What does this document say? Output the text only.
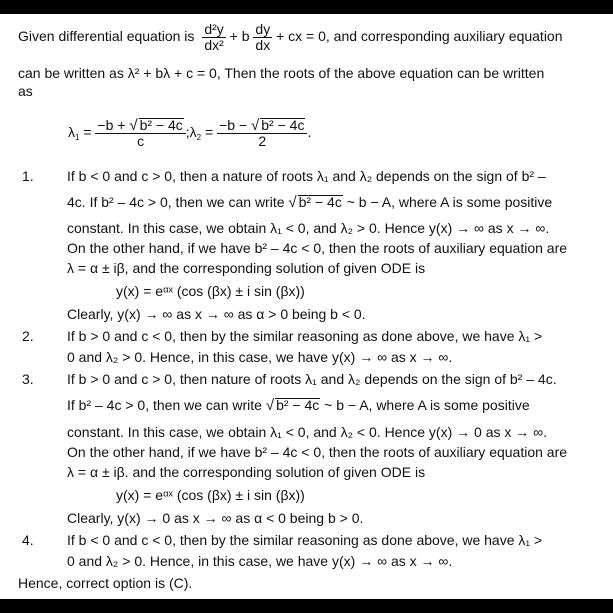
Given differential equation is $\frac{\text{d²y}}{\text{dx²}} + b \frac{dy}{dx}$ + cx = 0, and corresponding auxiliary equation
can be written as λ² + bλ + c = 0, Then the roots of the above equation can be written
as
$\lambda_1 = \frac{\text{−b + √ b² − 4c}}{c}$ $;\lambda_2 = \frac{\text{−b − √ b² − 4c}}{2}$ .
1. If b < 0 and c > 0, then a nature of roots λ₁ and λ₂ depends on the sign of b² –
4c. If b² – 4c > 0, then we can write √ b² − 4c ~ b − A, where A is some positive
constant. In this case, we obtain λ₁ < 0, and λ₂ > 0. Hence y(x) → ∞ as x → ∞.
On the other hand, if we have b² – 4c < 0, then the roots of auxiliary equation are
λ = α ± iβ, and the corresponding solution of given ODE is
y(x) = eᵅˣ (cos (βx) ± i sin (βx))
Clearly, y(x) → ∞ as x → ∞ as α > 0 being b < 0.
2. If b > 0 and c < 0, then by the similar reasoning as done above, we have λ₁ >
0 and λ₂ > 0. Hence, in this case, we have y(x) → ∞ as x → ∞.
3. If b > 0 and c > 0, then nature of roots λ₁ and λ₂ depends on the sign of b² – 4c.
If b² – 4c > 0, then we can write √ b² − 4c ~ b − A, where A is some positive
constant. In this case, we obtain λ₁ < 0, and λ₂ < 0. Hence y(x) → 0 as x → ∞.
On the other hand, if we have b² – 4c < 0, then the roots of auxiliary equation are
λ = α ± iβ. and the corresponding solution of given ODE is
y(x) = eᵅˣ (cos (βx) ± i sin (βx))
Clearly, y(x) → 0 as x → ∞ as α < 0 being b > 0.
4. If b < 0 and c < 0, then by the similar reasoning as done above, we have λ₁ >
0 and λ₂ > 0. Hence, in this case, we have y(x) → ∞ as x → ∞.
Hence, correct option is (C).
